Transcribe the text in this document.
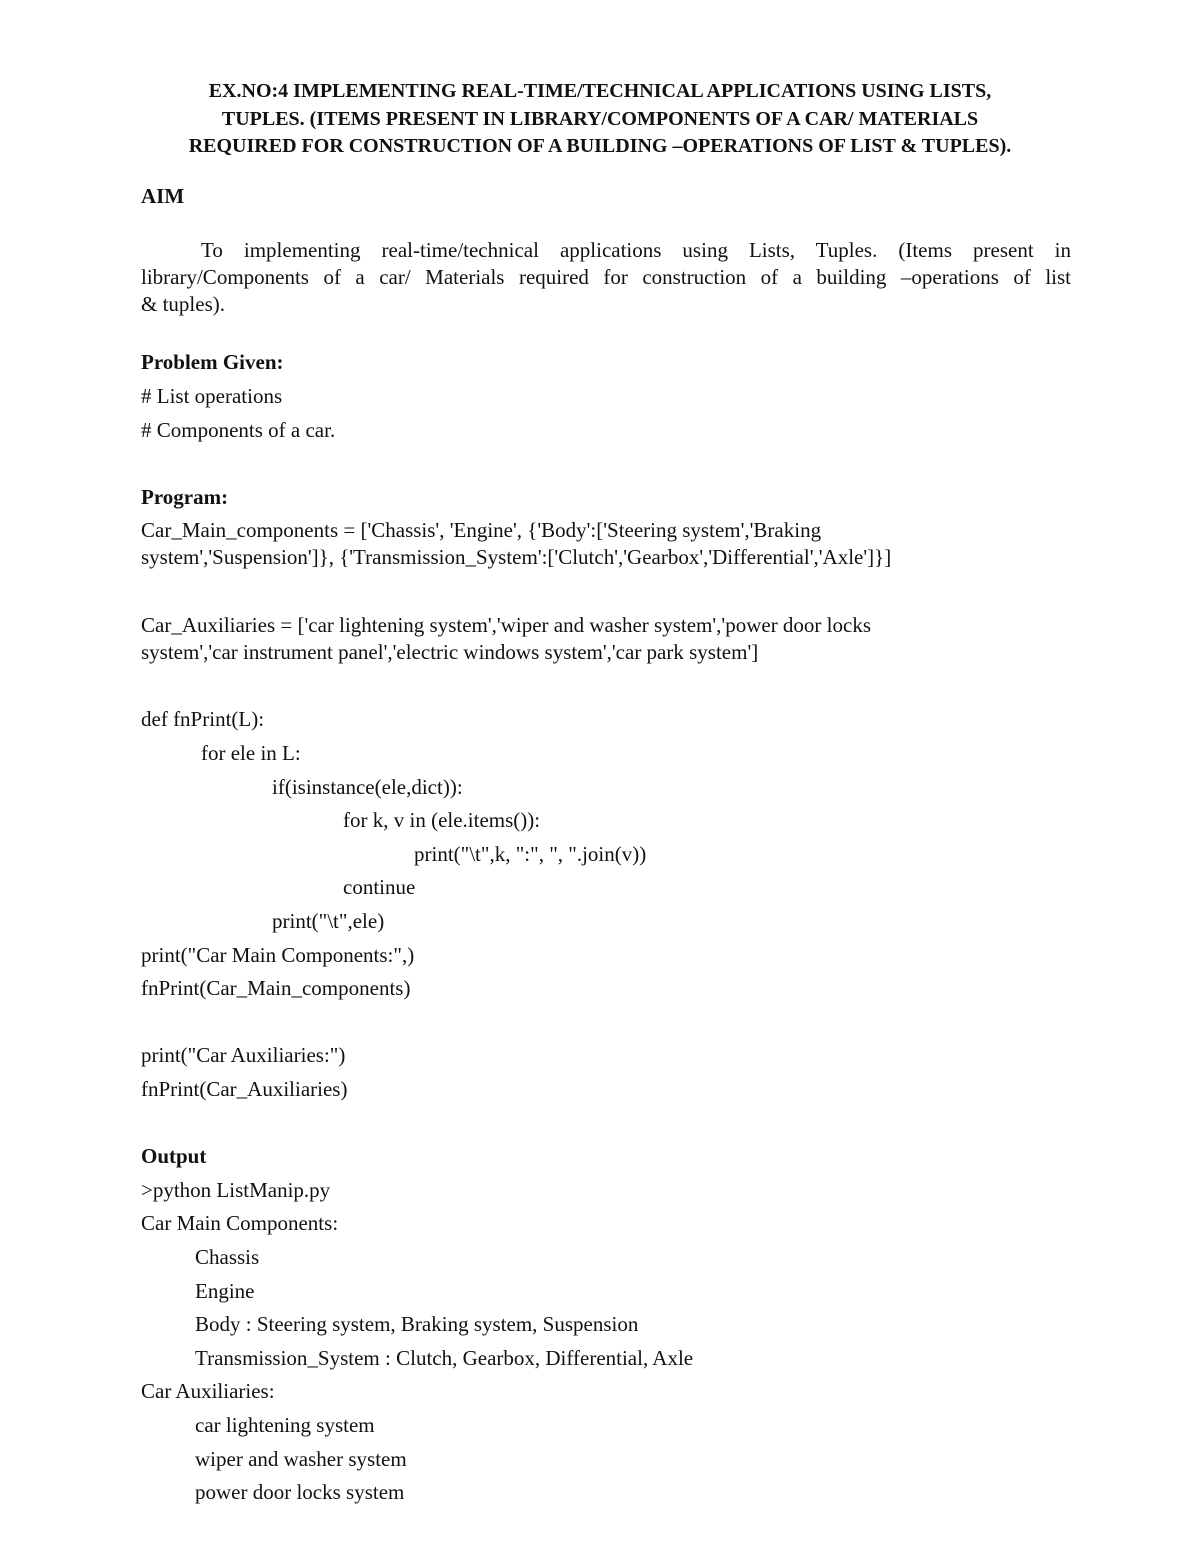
EX.NO:4 IMPLEMENTING REAL-TIME/TECHNICAL APPLICATIONS USING LISTS,
TUPLES. (ITEMS PRESENT IN LIBRARY/COMPONENTS OF A CAR/ MATERIALS
REQUIRED FOR CONSTRUCTION OF A BUILDING –OPERATIONS OF LIST & TUPLES).
AIM
To implementing real-time/technical applications using Lists, Tuples. (Items present in
library/Components of a car/ Materials required for construction of a building –operations of list
& tuples).
Problem Given:
# List operations
# Components of a car.
Program:
Car_Main_components = ['Chassis', 'Engine', {'Body':['Steering system','Braking
system','Suspension']}, {'Transmission_System':['Clutch','Gearbox','Differential','Axle']}]
Car_Auxiliaries = ['car lightening system','wiper and washer system','power door locks
system','car instrument panel','electric windows system','car park system']
def fnPrint(L):
for ele in L:
if(isinstance(ele,dict)):
for k, v in (ele.items()):
print("\t",k, ":", ", ".join(v))
continue
print("\t",ele)
print("Car Main Components:",)
fnPrint(Car_Main_components)
print("Car Auxiliaries:")
fnPrint(Car_Auxiliaries)
Output
>python ListManip.py
Car Main Components:
Chassis
Engine
Body : Steering system, Braking system, Suspension
Transmission_System : Clutch, Gearbox, Differential, Axle
Car Auxiliaries:
car lightening system
wiper and washer system
power door locks system
